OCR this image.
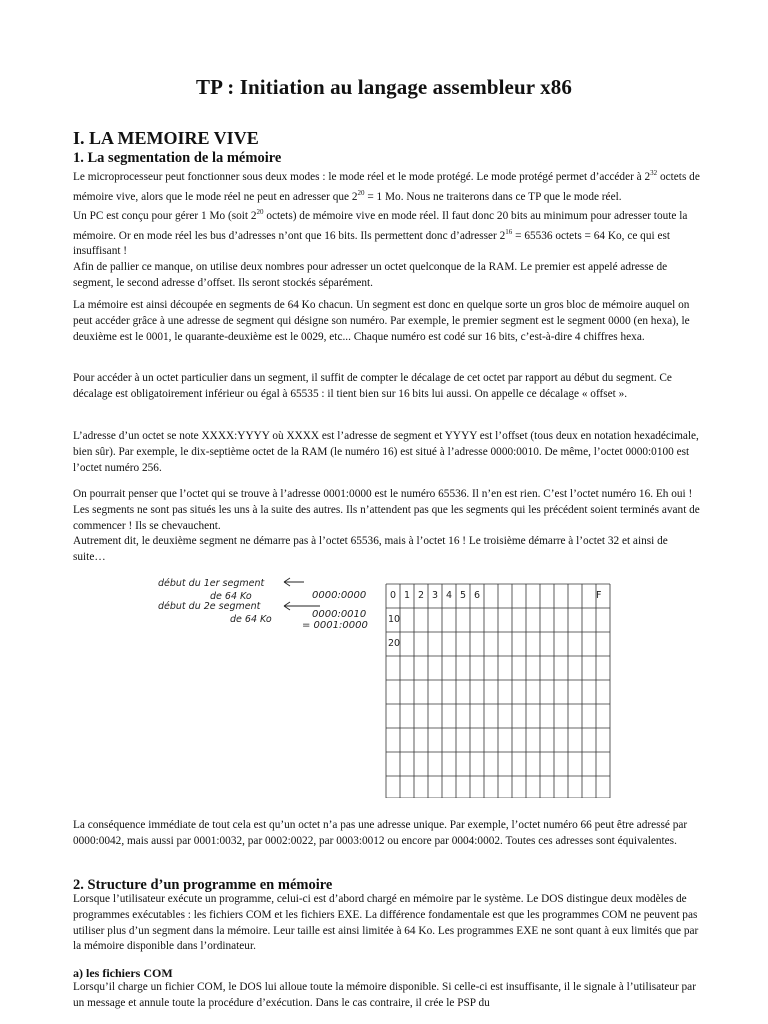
TP : Initiation au langage assembleur x86
I. LA MEMOIRE VIVE
1. La segmentation de la mémoire

Le microprocesseur peut fonctionner sous deux modes : le mode réel et le mode protégé. Le mode protégé permet d’accéder à $2^{32}$ octets de mémoire vive, alors que le mode réel ne peut en adresser que $2^{20} = 1$ Mo. Nous ne traiterons dans ce TP que le mode réel.

Un PC est conçu pour gérer 1 Mo (soit $2^{20}$ octets) de mémoire vive en mode réel. Il faut donc 20 bits au minimum pour adresser toute la mémoire. Or en mode réel les bus d’adresses n’ont que 16 bits. Ils permettent donc d’adresser $2^{16} = 65536$ octets = 64 Ko, ce qui est insuffisant !

Afin de pallier ce manque, on utilise deux nombres pour adresser un octet quelconque de la RAM. Le premier est appelé adresse de segment, le second adresse d’offset. Ils seront stockés séparément.

La mémoire est ainsi découpée en segments de 64 Ko chacun. Un segment est donc en quelque sorte un gros bloc de mémoire auquel on peut accéder grâce à une adresse de segment qui désigne son numéro. Par exemple, le premier segment est le segment 0000 (en hexa), le deuxième est le 0001, le quarante-deuxième est le 0029, etc... Chaque numéro est codé sur 16 bits, c’est-à-dire 4 chiffres hexa.
Pour accéder à un octet particulier dans un segment, il suffit de compter le décalage de cet octet par rapport au début du segment. Ce décalage est obligatoirement inférieur ou égal à 65535 : il tient bien sur 16 bits lui aussi. On appelle ce décalage « offset ».
L’adresse d’un octet se note XXXX:YYYY où XXXX est l’adresse de segment et YYYY est l’offset (tous deux en notation hexadécimale, bien sûr). Par exemple, le dix-septième octet de la RAM (le numéro 16) est situé à l’adresse 0000:0010. De même, l’octet 0000:0100 est l’octet numéro 256.

On pourrait penser que l’octet qui se trouve à l’adresse 0001:0000 est le numéro 65536. Il n’en est rien. C’est l’octet numéro 16. Eh oui ! Les segments ne sont pas situés les uns à la suite des autres. Ils n’attendent pas que les segments qui les précédent soient terminés avant de commencer ! Ils se chevauchent.

Autrement dit, le deuxième segment ne démarre pas à l’octet 65536, mais à l’octet 16 ! Le troisième démarre à l’octet 32 et ainsi de suite…

début du 1er segment
de 64 Ko
début du 2e segment
de 64 Ko
0000:0000
0000:0010
= 0001:0000
0 1 2 3 4 5 6	F
10
20
La conséquence immédiate de tout cela est qu’un octet n’a pas une adresse unique. Par exemple, l’octet numéro 66 peut être adressé par 0000:0042, mais aussi par 0001:0032, par 0002:0022, par 0003:0012 ou encore par 0004:0002. Toutes ces adresses sont équivalentes.
2. Structure d’un programme en mémoire
Lorsque l’utilisateur exécute un programme, celui-ci est d’abord chargé en mémoire par le système. Le DOS distingue deux modèles de programmes exécutables : les fichiers COM et les fichiers EXE. La différence fondamentale est que les programmes COM ne peuvent pas utiliser plus d’un segment dans la mémoire. Leur taille est ainsi limitée à 64 Ko. Les programmes EXE ne sont quant à eux limités que par la mémoire disponible dans l’ordinateur.
a) les fichiers COM
Lorsqu’il charge un fichier COM, le DOS lui alloue toute la mémoire disponible. Si celle-ci est insuffisante, il le signale à l’utilisateur par un message et annule toute la procédure d’exécution. Dans le cas contraire, il crée le PSP du
